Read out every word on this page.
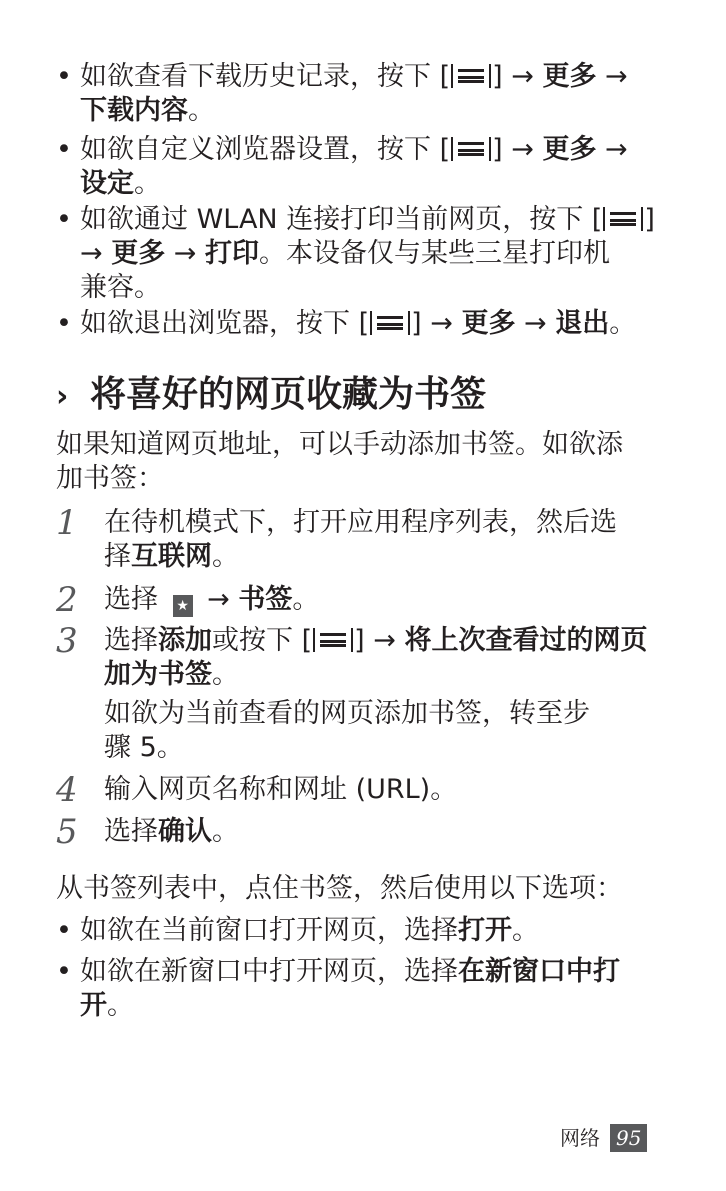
• 如欲查看下载历史记录，按下 [ ] → 更多 →
下载内容。
• 如欲自定义浏览器设置，按下 [ ] → 更多 →
设定。
• 如欲通过 WLAN 连接打印当前网页，按下 [ ]
→ 更多 → 打印。本设备仅与某些三星打印机
兼容。
• 如欲退出浏览器，按下 [ ] → 更多 → 退出。
› 将喜好的网页收藏为书签
如果知道网页地址，可以手动添加书签。如欲添
加书签：
1 在待机模式下，打开应用程序列表，然后选
择互联网。
2 选择 ★ → 书签。
3 选择添加或按下 [ ] → 将上次查看过的网页
加为书签。
如欲为当前查看的网页添加书签，转至步
骤 5。
4 输入网页名称和网址 (URL)。
5 选择确认。
从书签列表中，点住书签，然后使用以下选项：
• 如欲在当前窗口打开网页，选择打开。
• 如欲在新窗口中打开网页，选择在新窗口中打
开。
网络 95
